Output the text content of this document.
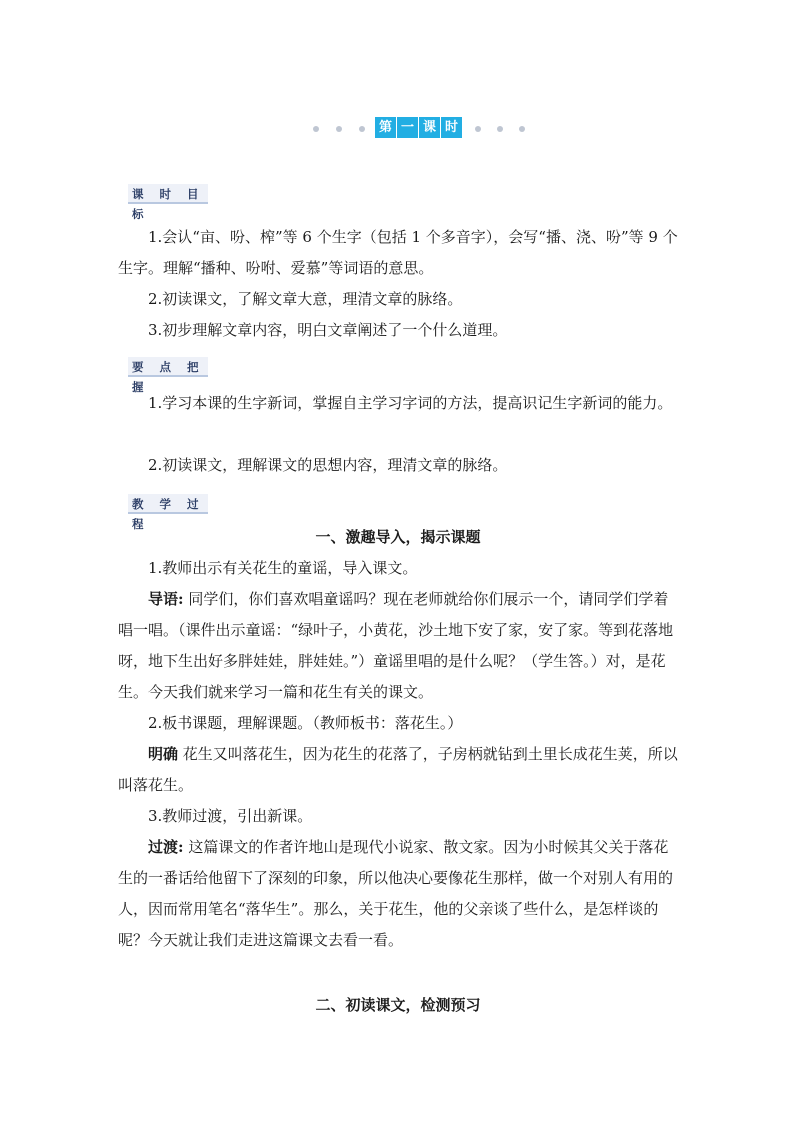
第 一 课 时
课 时 目 标

1.会认“亩、吩、榨”等 6 个生字（包括 1 个多音字），会写“播、浇、吩”等 9 个生字。理解“播种、吩咐、爱慕”等词语的意思。

2.初读课文，了解文章大意，理清文章的脉络。

3.初步理解文章内容，明白文章阐述了一个什么道理。

要 点 把 握

1.学习本课的生字新词，掌握自主学习字词的方法，提高识记生字新词的能力。

2.初读课文，理解课文的思想内容，理清文章的脉络。

教 学 过 程

一、激趣导入，揭示课题

1.教师出示有关花生的童谣，导入课文。

导语: 同学们，你们喜欢唱童谣吗？现在老师就给你们展示一个，请同学们学着唱一唱。（课件出示童谣：“绿叶子，小黄花，沙土地下安了家，安了家。等到花落地呀，地下生出好多胖娃娃，胖娃娃。”）童谣里唱的是什么呢？（学生答。）对，是花生。今天我们就来学习一篇和花生有关的课文。

2.板书课题，理解课题。（教师板书：落花生。）

明确 花生又叫落花生，因为花生的花落了，子房柄就钻到土里长成花生荚，所以叫落花生。

3.教师过渡，引出新课。

过渡: 这篇课文的作者许地山是现代小说家、散文家。因为小时候其父关于落花生的一番话给他留下了深刻的印象，所以他决心要像花生那样，做一个对别人有用的人，因而常用笔名“落华生”。那么，关于花生，他的父亲谈了些什么，是怎样谈的呢？今天就让我们走进这篇课文去看一看。

二、初读课文，检测预习
